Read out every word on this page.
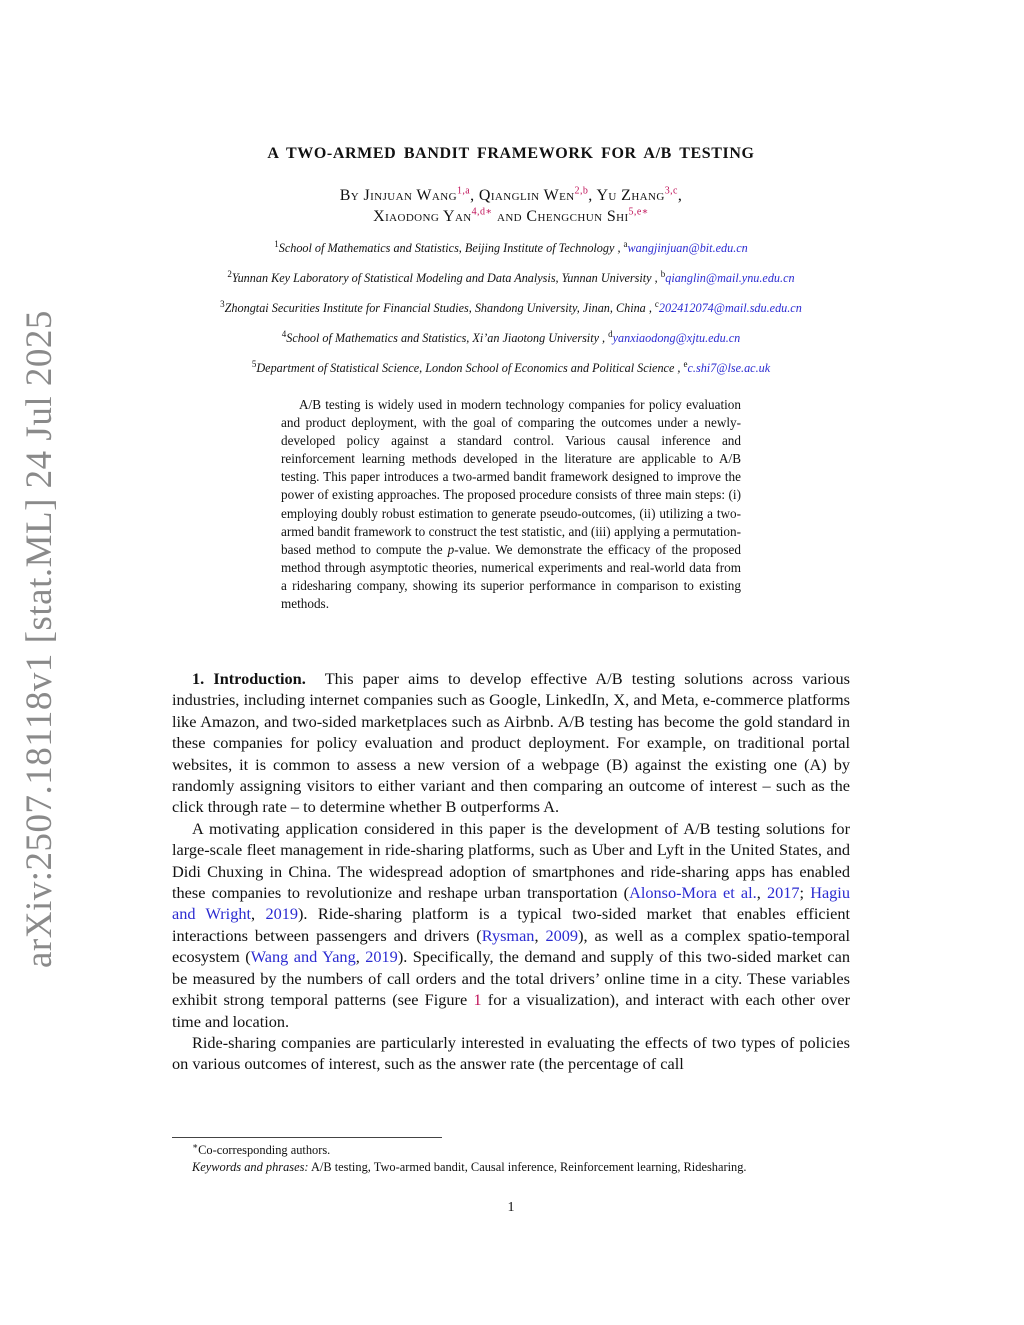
arXiv:2507.18118v1 [stat.ML] 24 Jul 2025
A TWO-ARMED BANDIT FRAMEWORK FOR A/B TESTING
By Jinjuan Wang$^{1,a}$, Qianglin Wen$^{2,b}$, Yu Zhang$^{3,c}$,
Xiaodong Yan$^{4,d∗}$ and Chengchun Shi$^{5,e∗}$
$^1$School of Mathematics and Statistics, Beijing Institute of Technology , $^a$wangjinjuan@bit.edu.cn
$^2$Yunnan Key Laboratory of Statistical Modeling and Data Analysis, Yunnan University , $^b$qianglin@mail.ynu.edu.cn
$^3$Zhongtai Securities Institute for Financial Studies, Shandong University, Jinan, China , $^c$202412074@mail.sdu.edu.cn
$^4$School of Mathematics and Statistics, Xi’an Jiaotong University , $^d$yanxiaodong@xjtu.edu.cn
$^5$Department of Statistical Science, London School of Economics and Political Science , $^e$c.shi7@lse.ac.uk
A/B testing is widely used in modern technology companies for policy evaluation and product deployment, with the goal of comparing the outcomes under a newly-developed policy against a standard control. Various causal inference and reinforcement learning methods developed in the literature are applicable to A/B testing. This paper introduces a two-armed bandit framework designed to improve the power of existing approaches. The proposed procedure consists of three main steps: (i) employing doubly robust estimation to generate pseudo-outcomes, (ii) utilizing a two-armed bandit framework to construct the test statistic, and (iii) applying a permutation-based method to compute the p-value. We demonstrate the efficacy of the proposed method through asymptotic theories, numerical experiments and real-world data from a ridesharing company, showing its superior performance in comparison to existing methods.

1. Introduction. This paper aims to develop effective A/B testing solutions across various industries, including internet companies such as Google, LinkedIn, X, and Meta, e-commerce platforms like Amazon, and two-sided marketplaces such as Airbnb. A/B testing has become the gold standard in these companies for policy evaluation and product deployment. For example, on traditional portal websites, it is common to assess a new version of a webpage (B) against the existing one (A) by randomly assigning visitors to either variant and then comparing an outcome of interest – such as the click through rate – to determine whether B outperforms A.

A motivating application considered in this paper is the development of A/B testing solutions for large-scale fleet management in ride-sharing platforms, such as Uber and Lyft in the United States, and Didi Chuxing in China. The widespread adoption of smartphones and ride-sharing apps has enabled these companies to revolutionize and reshape urban transportation (Alonso-Mora et al., 2017; Hagiu and Wright, 2019). Ride-sharing platform is a typical two-sided market that enables efficient interactions between passengers and drivers (Rysman, 2009), as well as a complex spatio-temporal ecosystem (Wang and Yang, 2019). Specifically, the demand and supply of this two-sided market can be measured by the numbers of call orders and the total drivers’ online time in a city. These variables exhibit strong temporal patterns (see Figure 1 for a visualization), and interact with each other over time and location.

Ride-sharing companies are particularly interested in evaluating the effects of two types of policies on various outcomes of interest, such as the answer rate (the percentage of call

∗Co-corresponding authors.

Keywords and phrases: A/B testing, Two-armed bandit, Causal inference, Reinforcement learning, Ridesharing.

1
